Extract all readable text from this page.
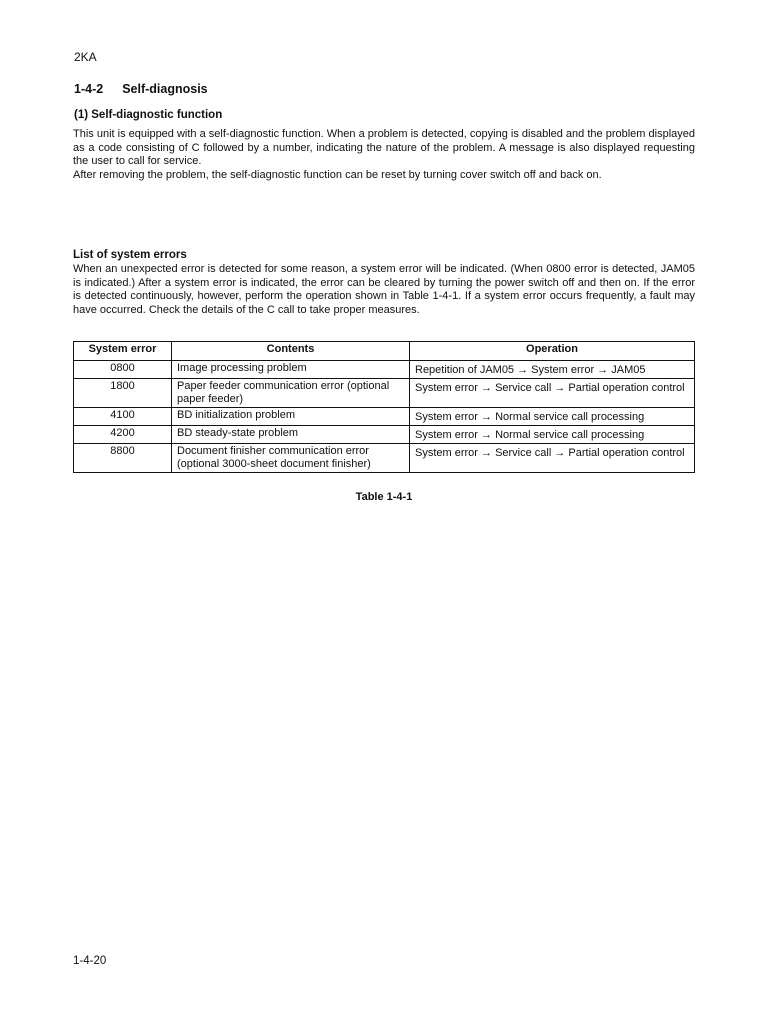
2KA
1-4-2 Self-diagnosis
(1) Self-diagnostic function

This unit is equipped with a self-diagnostic function. When a problem is detected, copying is disabled and the problem displayed as a code consisting of C followed by a number, indicating the nature of the problem. A message is also displayed requesting the user to call for service.

After removing the problem, the self-diagnostic function can be reset by turning cover switch off and back on.

List of system errors

When an unexpected error is detected for some reason, a system error will be indicated. (When 0800 error is detected, JAM05 is indicated.) After a system error is indicated, the error can be cleared by turning the power switch off and then on. If the error is detected continuously, however, perform the operation shown in Table 1-4-1. If a system error occurs frequently, a fault may have occurred. Check the details of the C call to take proper measures.

System error	Contents	Operation
0800	Image processing problem	Repetition of JAM05 → System error → JAM05
1800	Paper feeder communication error (optional paper feeder)	System error → Service call → Partial operation control
4100	BD initialization problem	System error → Normal service call processing
4200	BD steady-state problem	System error → Normal service call processing
8800	Document finisher communication error (optional 3000-sheet document finisher)	System error → Service call → Partial operation control
Table 1-4-1
1-4-20
